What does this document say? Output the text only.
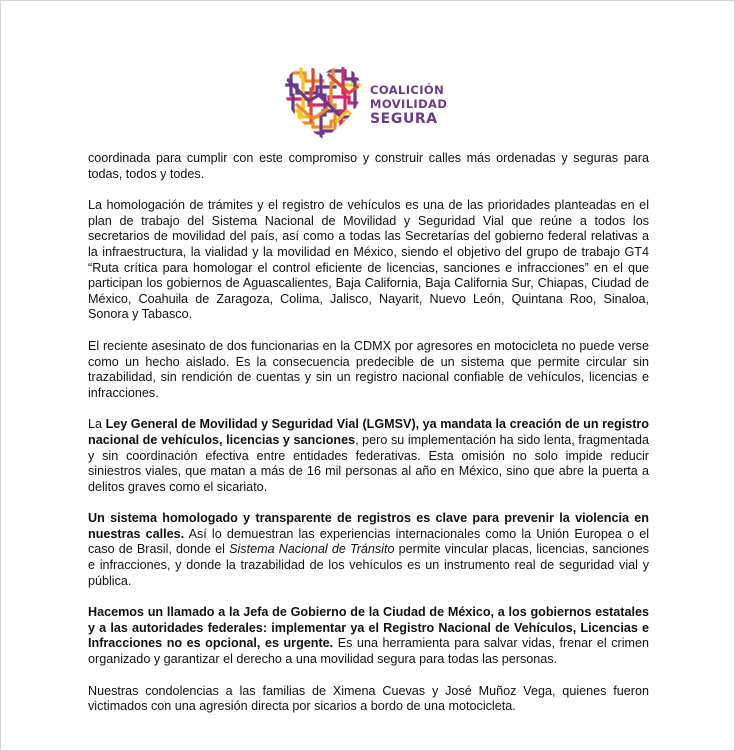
COALICIÓN
MOVILIDAD
SEGURA

coordinada para cumplir con este compromiso y construir calles más ordenadas y seguras para todas, todos y todes.

La homologación de trámites y el registro de vehículos es una de las prioridades planteadas en el plan de trabajo del Sistema Nacional de Movilidad y Seguridad Vial que reúne a todos los secretarios de movilidad del país, así como a todas las Secretarías del gobierno federal relativas a la infraestructura, la vialidad y la movilidad en México, siendo el objetivo del grupo de trabajo GT4 “Ruta crítica para homologar el control eficiente de licencias, sanciones e infracciones” en el que participan los gobiernos de Aguascalientes, Baja California, Baja California Sur, Chiapas, Ciudad de México, Coahuila de Zaragoza, Colima, Jalisco, Nayarit, Nuevo León, Quintana Roo, Sinaloa, Sonora y Tabasco.

El reciente asesinato de dos funcionarias en la CDMX por agresores en motocicleta no puede verse como un hecho aislado. Es la consecuencia predecible de un sistema que permite circular sin trazabilidad, sin rendición de cuentas y sin un registro nacional confiable de vehículos, licencias e infracciones.

La Ley General de Movilidad y Seguridad Vial (LGMSV), ya mandata la creación de un registro nacional de vehículos, licencias y sanciones, pero su implementación ha sido lenta, fragmentada y sin coordinación efectiva entre entidades federativas. Esta omisión no solo impide reducir siniestros viales, que matan a más de 16 mil personas al año en México, sino que abre la puerta a delitos graves como el sicariato.

Un sistema homologado y transparente de registros es clave para prevenir la violencia en nuestras calles. Así lo demuestran las experiencias internacionales como la Unión Europea o el caso de Brasil, donde el Sistema Nacional de Tránsito permite vincular placas, licencias, sanciones e infracciones, y donde la trazabilidad de los vehículos es un instrumento real de seguridad vial y pública.

Hacemos un llamado a la Jefa de Gobierno de la Ciudad de México, a los gobiernos estatales y a las autoridades federales: implementar ya el Registro Nacional de Vehículos, Licencias e Infracciones no es opcional, es urgente. Es una herramienta para salvar vidas, frenar el crimen organizado y garantizar el derecho a una movilidad segura para todas las personas.

Nuestras condolencias a las familias de Ximena Cuevas y José Muñoz Vega, quienes fueron victimados con una agresión directa por sicarios a bordo de una motocicleta.
